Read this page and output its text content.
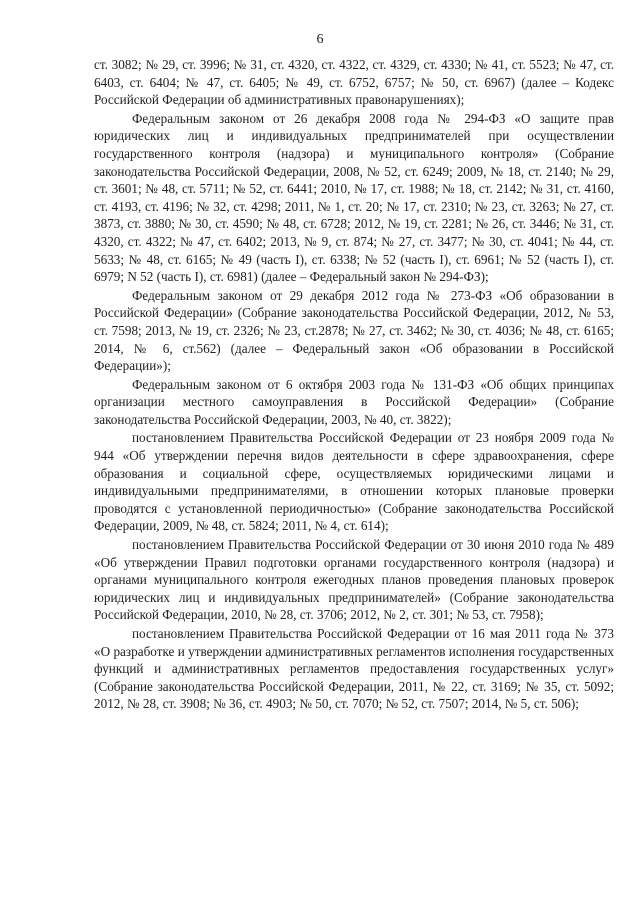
6

ст. 3082; № 29, ст. 3996; № 31, ст. 4320, ст. 4322, ст. 4329, ст. 4330; № 41, ст. 5523; № 47, ст. 6403, ст. 6404; № 47, ст. 6405; № 49, ст. 6752, 6757; № 50, ст. 6967) (далее – Кодекс Российской Федерации об административных правонарушениях);

Федеральным законом от 26 декабря 2008 года № 294-ФЗ «О защите прав юридических лиц и индивидуальных предпринимателей при осуществлении государственного контроля (надзора) и муниципального контроля» (Собрание законодательства Российской Федерации, 2008, № 52, ст. 6249; 2009, № 18, ст. 2140; № 29, ст. 3601; № 48, ст. 5711; № 52, ст. 6441; 2010, № 17, ст. 1988; № 18, ст. 2142; № 31, ст. 4160, ст. 4193, ст. 4196; № 32, ст. 4298; 2011, № 1, ст. 20; № 17, ст. 2310; № 23, ст. 3263; № 27, ст. 3873, ст. 3880; № 30, ст. 4590; № 48, ст. 6728; 2012, № 19, ст. 2281; № 26, ст. 3446; № 31, ст. 4320, ст. 4322; № 47, ст. 6402; 2013, № 9, ст. 874; № 27, ст. 3477; № 30, ст. 4041; № 44, ст. 5633; № 48, ст. 6165; № 49 (часть I), ст. 6338; № 52 (часть I), ст. 6961; № 52 (часть I), ст. 6979; N 52 (часть I), ст. 6981) (далее – Федеральный закон № 294-ФЗ);

Федеральным законом от 29 декабря 2012 года № 273-ФЗ «Об образовании в Российской Федерации» (Собрание законодательства Российской Федерации, 2012, № 53, ст. 7598; 2013, № 19, ст. 2326; № 23, ст.2878; № 27, ст. 3462; № 30, ст. 4036; № 48, ст. 6165; 2014, № 6, ст.562) (далее – Федеральный закон «Об образовании в Российской Федерации»);

Федеральным законом от 6 октября 2003 года № 131-ФЗ «Об общих принципах организации местного самоуправления в Российской Федерации» (Собрание законодательства Российской Федерации, 2003, № 40, ст. 3822);

постановлением Правительства Российской Федерации от 23 ноября 2009 года № 944 «Об утверждении перечня видов деятельности в сфере здравоохранения, сфере образования и социальной сфере, осуществляемых юридическими лицами и индивидуальными предпринимателями, в отношении которых плановые проверки проводятся с установленной периодичностью» (Собрание законодательства Российской Федерации, 2009, № 48, ст. 5824; 2011, № 4, ст. 614);

постановлением Правительства Российской Федерации от 30 июня 2010 года № 489 «Об утверждении Правил подготовки органами государственного контроля (надзора) и органами муниципального контроля ежегодных планов проведения плановых проверок юридических лиц и индивидуальных предпринимателей» (Собрание законодательства Российской Федерации, 2010, № 28, ст. 3706; 2012, № 2, ст. 301; № 53, ст. 7958);

постановлением Правительства Российской Федерации от 16 мая 2011 года № 373 «О разработке и утверждении административных регламентов исполнения государственных функций и административных регламентов предоставления государственных услуг» (Собрание законодательства Российской Федерации, 2011, № 22, ст. 3169; № 35, ст. 5092; 2012, № 28, ст. 3908; № 36, ст. 4903; № 50, ст. 7070; № 52, ст. 7507; 2014, № 5, ст. 506);
